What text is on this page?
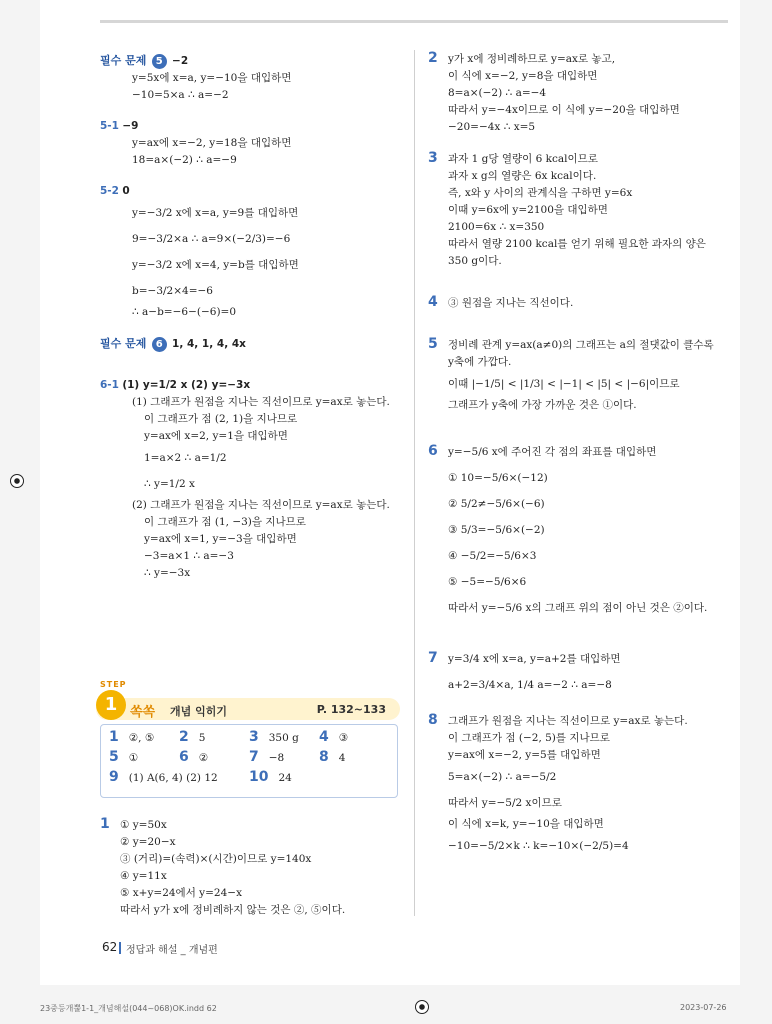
필수 문제 5 −2
y=5x에 x=a, y=−10을 대입하면
−10=5×a ∴ a=−2
5-1 −9
y=ax에 x=−2, y=18을 대입하면
18=a×(−2) ∴ a=−9
5-2 0
y=−3/2 x에 x=a, y=9를 대입하면
9=−3/2×a ∴ a=9×(−2/3)=−6
y=−3/2 x에 x=4, y=b를 대입하면
b=−3/2×4=−6
∴ a−b=−6−(−6)=0
필수 문제 6 1, 4, 1, 4, 4x
6-1 (1) y=1/2 x (2) y=−3x
(1) 그래프가 원점을 지나는 직선이므로 y=ax로 놓는다.
이 그래프가 점 (2, 1)을 지나므로
y=ax에 x=2, y=1을 대입하면
1=a×2 ∴ a=1/2
∴ y=1/2 x
(2) 그래프가 원점을 지나는 직선이므로 y=ax로 놓는다.
이 그래프가 점 (1, −3)을 지나므로
y=ax에 x=1, y=−3을 대입하면
−3=a×1 ∴ a=−3
∴ y=−3x
STEP
1 쏙쏙 개념 익히기	P. 132~133
1 ②, ⑤ 2 5	3 350 g 4 ③
5 ①	6 ②	7 −8 8 4
9 (1) A(6, 4) (2) 12 10 24
1 ① y=50x
② y=20−x
③ (거리)=(속력)×(시간)이므로 y=140x
④ y=11x
⑤ x+y=24에서 y=24−x
따라서 y가 x에 정비례하지 않는 것은 ②, ⑤이다.
2 y가 x에 정비례하므로 y=ax로 놓고,
이 식에 x=−2, y=8을 대입하면
8=a×(−2) ∴ a=−4
따라서 y=−4x이므로 이 식에 y=−20을 대입하면
−20=−4x ∴ x=5
3 과자 1 g당 열량이 6 kcal이므로
과자 x g의 열량은 6x kcal이다.
즉, x와 y 사이의 관계식을 구하면 y=6x
이때 y=6x에 y=2100을 대입하면
2100=6x ∴ x=350
따라서 열량 2100 kcal를 얻기 위해 필요한 과자의 양은
350 g이다.
4 ③ 원점을 지나는 직선이다.
5 정비례 관계 y=ax(a≠0)의 그래프는 a의 절댓값이 클수록
y축에 가깝다.
이때 |−1/5| < |1/3| < |−1| < |5| < |−6|이므로
그래프가 y축에 가장 가까운 것은 ①이다.
6 y=−5/6 x에 주어진 각 점의 좌표를 대입하면
① 10=−5/6×(−12)
② 5/2≠−5/6×(−6)
③ 5/3=−5/6×(−2)
④ −5/2=−5/6×3
⑤ −5=−5/6×6
따라서 y=−5/6 x의 그래프 위의 점이 아닌 것은 ②이다.
7 y=3/4 x에 x=a, y=a+2를 대입하면
a+2=3/4×a, 1/4 a=−2 ∴ a=−8
8 그래프가 원점을 지나는 직선이므로 y=ax로 놓는다.
이 그래프가 점 (−2, 5)를 지나므로
y=ax에 x=−2, y=5를 대입하면
5=a×(−2) ∴ a=−5/2
따라서 y=−5/2 x이므로
이 식에 x=k, y=−10을 대입하면
−10=−5/2×k ∴ k=−10×(−2/5)=4
62 정답과 해설 _ 개념편
23중등개뿔1-1_개념해설(044~068)OK.indd 62	2023-07-26
